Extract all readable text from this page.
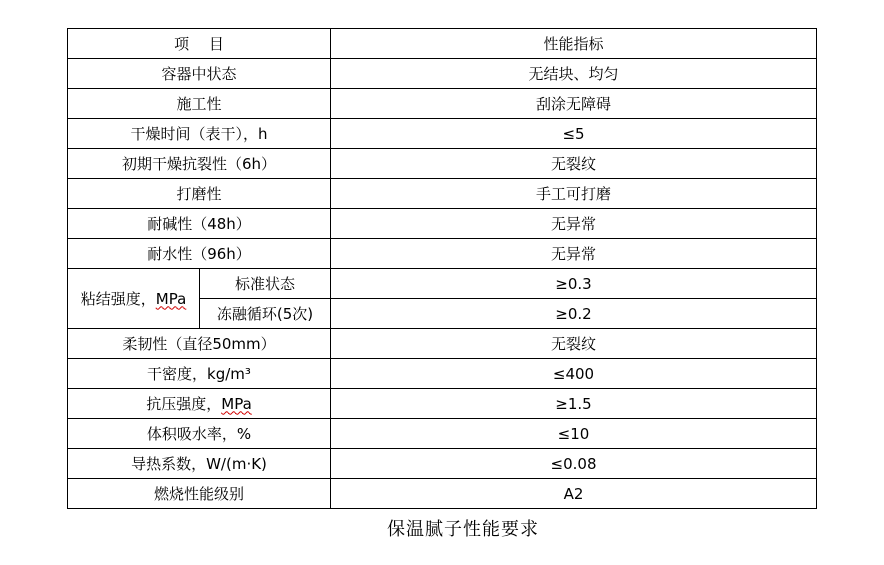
项　 目		性能指标
容器中状态		无结块、均匀
施工性		刮涂无障碍
干燥时间（表干），h		≤5
初期干燥抗裂性（6h）		无裂纹
打磨性		手工可打磨
耐碱性（48h）		无异常
耐水性（96h）		无异常
粘结强度，MPa	标准状态	≥0.3
	冻融循环(5次)	≥0.2
柔韧性（直径50mm）		无裂纹
干密度，kg/m³		≤400
抗压强度，MPa		≥1.5
体积吸水率，%		≤10
导热系数，W/(m·K)		≤0.08
燃烧性能级别		A2
保温腻子性能要求
